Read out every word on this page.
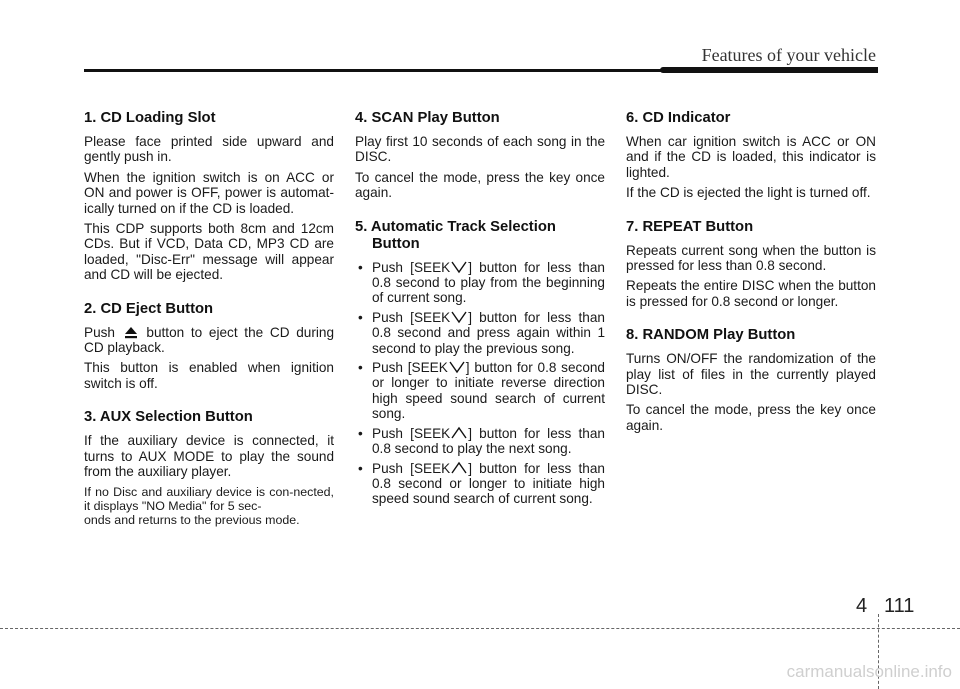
Features of your vehicle
1. CD Loading Slot

Please face printed side upward and gently push in.

When the ignition switch is on ACC or ON and power is OFF, power is automat-ically turned on if the CD is loaded.

This CDP supports both 8cm and 12cm CDs. But if VCD, Data CD, MP3 CD are loaded, "Disc-Err" message will appear and CD will be ejected.

2. CD Eject Button

Push button to eject the CD during CD playback.

This button is enabled when ignition switch is off.

3. AUX Selection Button

If the auxiliary device is connected, it turns to AUX MODE to play the sound from the auxiliary player.

If no Disc and auxiliary device is con-nected, it displays "NO Media" for 5 sec-

onds and returns to the previous mode.

4. SCAN Play Button

Play first 10 seconds of each song in the DISC.

To cancel the mode, press the key once again.

5. Automatic Track Selection Button
• Push [SEEK ] button for less than 0.8 second to play from the beginning of current song.
• Push [SEEK ] button for less than 0.8 second and press again within 1 second to play the previous song.
• Push [SEEK ] button for 0.8 second or longer to initiate reverse direction high speed sound search of current song.
• Push [SEEK ] button for less than 0.8 second to play the next song.
• Push [SEEK ] button for less than 0.8 second or longer to initiate high speed sound search of current song.
6. CD Indicator

When car ignition switch is ACC or ON and if the CD is loaded, this indicator is lighted.

If the CD is ejected the light is turned off.

7. REPEAT Button

Repeats current song when the button is pressed for less than 0.8 second.

Repeats the entire DISC when the button is pressed for 0.8 second or longer.

8. RANDOM Play Button

Turns ON/OFF the randomization of the play list of files in the currently played DISC.

To cancel the mode, press the key once again.

4 111
carmanualsonline.info
